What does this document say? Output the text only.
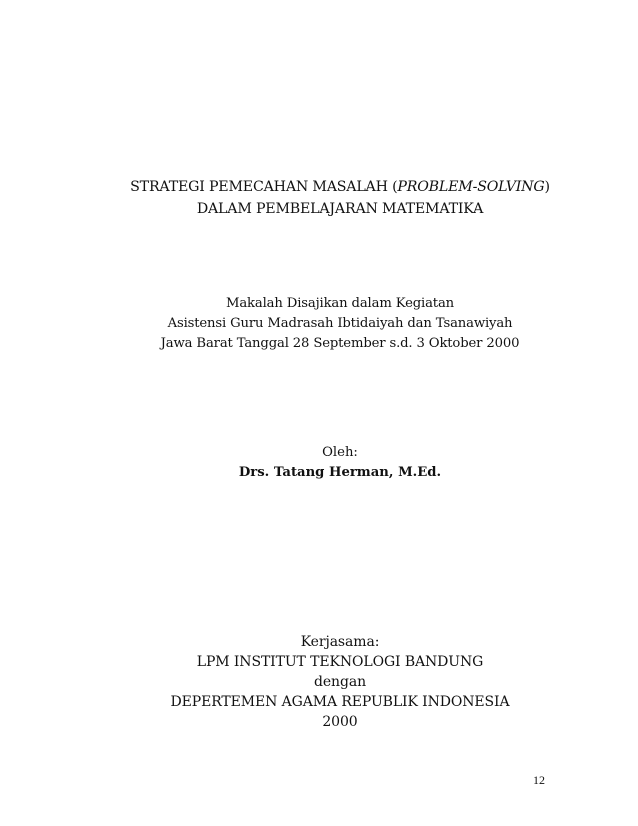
STRATEGI PEMECAHAN MASALAH (PROBLEM-SOLVING)
DALAM PEMBELAJARAN MATEMATIKA
Makalah Disajikan dalam Kegiatan
Asistensi Guru Madrasah Ibtidaiyah dan Tsanawiyah
Jawa Barat Tanggal 28 September s.d. 3 Oktober 2000
Oleh:
Drs. Tatang Herman, M.Ed.
Kerjasama:
LPM INSTITUT TEKNOLOGI BANDUNG
dengan
DEPERTEMEN AGAMA REPUBLIK INDONESIA
2000
12
